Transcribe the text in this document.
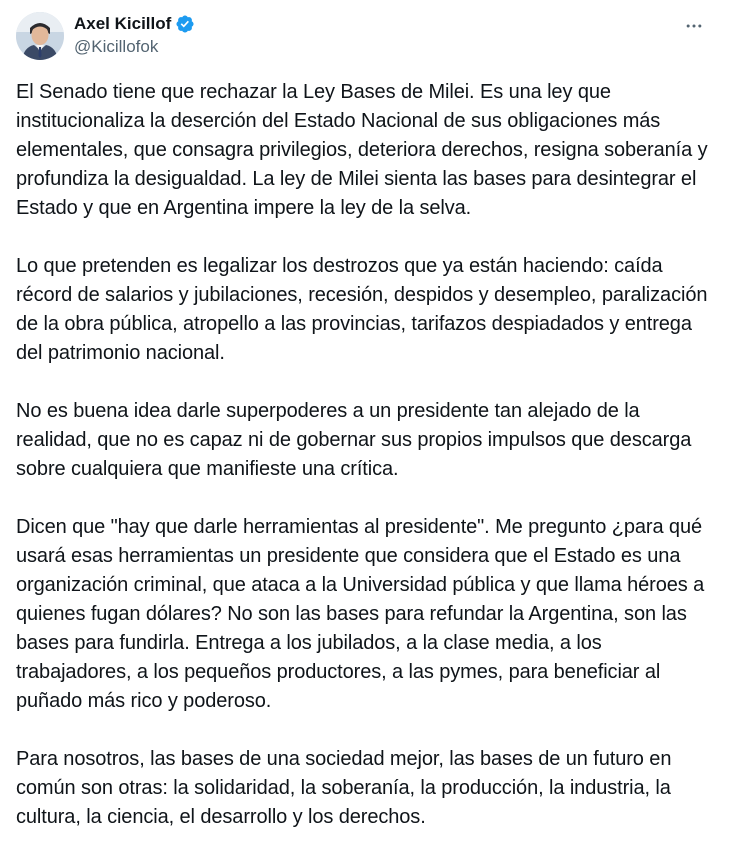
Axel Kicillof
@Kicillofok

El Senado tiene que rechazar la Ley Bases de Milei. Es una ley que institucionaliza la deserción del Estado Nacional de sus obligaciones más elementales, que consagra privilegios, deteriora derechos, resigna soberanía y profundiza la desigualdad. La ley de Milei sienta las bases para desintegrar el Estado y que en Argentina impere la ley de la selva.

Lo que pretenden es legalizar los destrozos que ya están haciendo: caída récord de salarios y jubilaciones, recesión, despidos y desempleo, paralización de la obra pública, atropello a las provincias, tarifazos despiadados y entrega del patrimonio nacional.

No es buena idea darle superpoderes a un presidente tan alejado de la realidad, que no es capaz ni de gobernar sus propios impulsos que descarga sobre cualquiera que manifieste una crítica.

Dicen que "hay que darle herramientas al presidente". Me pregunto ¿para qué usará esas herramientas un presidente que considera que el Estado es una organización criminal, que ataca a la Universidad pública y que llama héroes a quienes fugan dólares? No son las bases para refundar la Argentina, son las bases para fundirla. Entrega a los jubilados, a la clase media, a los trabajadores, a los pequeños productores, a las pymes, para beneficiar al puñado más rico y poderoso.

Para nosotros, las bases de una sociedad mejor, las bases de un futuro en común son otras: la solidaridad, la soberanía, la producción, la industria, la cultura, la ciencia, el desarrollo y los derechos.
